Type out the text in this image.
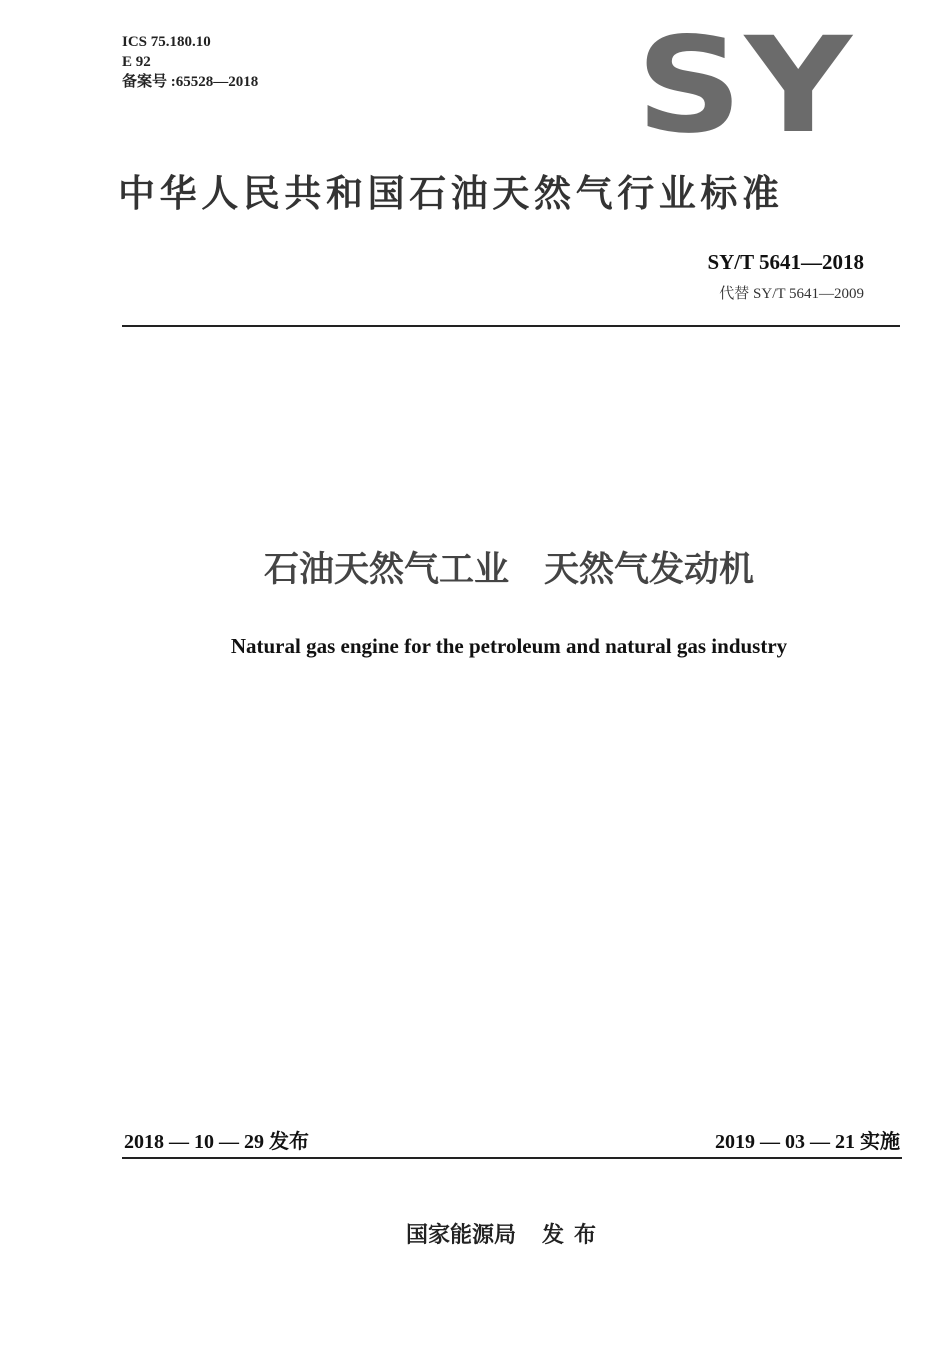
ICS 75.180.10
E 92
备案号 :65528—2018	SY
中华人民共和国石油天然气行业标准
SY/T 5641—2018
代替 SY/T 5641—2009
石油天然气工业　天然气发动机
Natural gas engine for the petroleum and natural gas industry
2018 — 10 — 29 发布	2019 — 03 — 21 实施
国家能源局 发布
